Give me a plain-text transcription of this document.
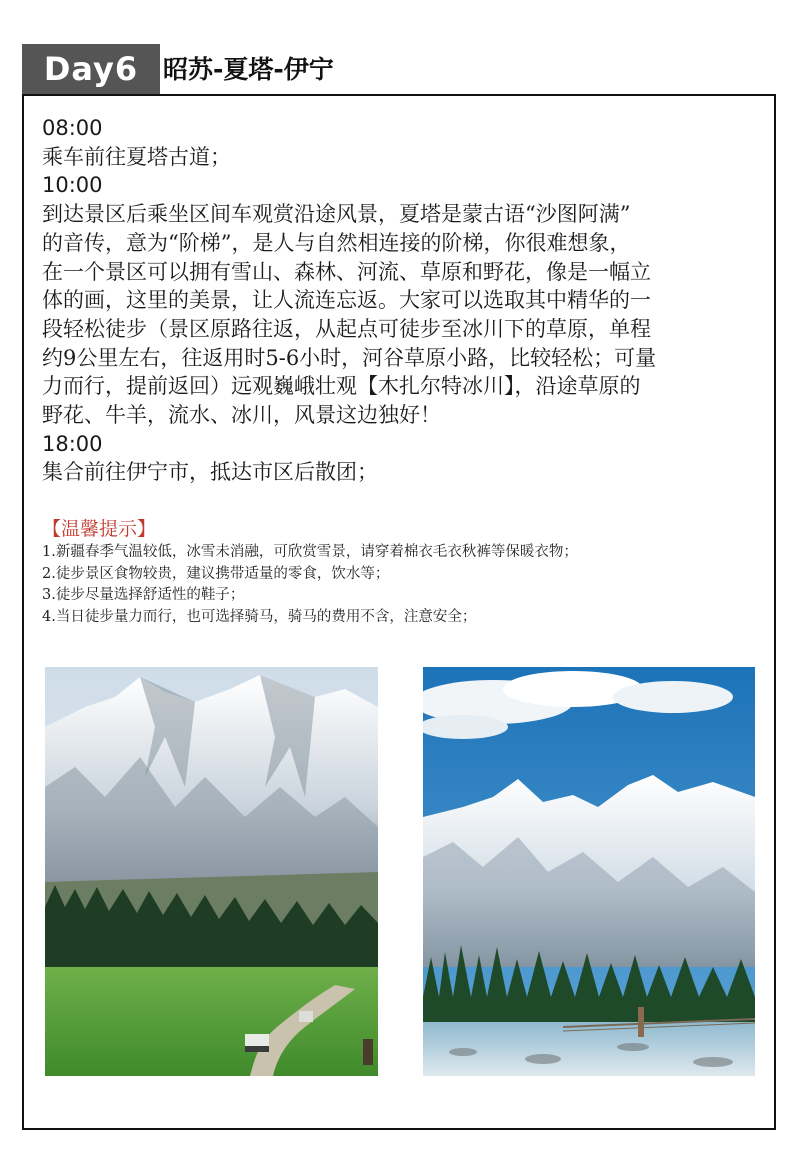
Day6 昭苏-夏塔-伊宁
08:00
乘车前往夏塔古道；
10:00
到达景区后乘坐区间车观赏沿途风景，夏塔是蒙古语“沙图阿满”
的音传，意为“阶梯”，是人与自然相连接的阶梯，你很难想象，
在一个景区可以拥有雪山、森林、河流、草原和野花，像是一幅立
体的画，这里的美景，让人流连忘返。大家可以选取其中精华的一
段轻松徒步（景区原路往返，从起点可徒步至冰川下的草原，单程
约9公里左右，往返用时5-6小时，河谷草原小路，比较轻松；可量
力而行，提前返回）远观巍峨壮观【木扎尔特冰川】，沿途草原的
野花、牛羊，流水、冰川，风景这边独好！
18:00
集合前往伊宁市，抵达市区后散团；
【温馨提示】
1.新疆春季气温较低，冰雪未消融，可欣赏雪景，请穿着棉衣毛衣秋裤等保暖衣物；
2.徒步景区食物较贵，建议携带适量的零食，饮水等；
3.徒步尽量选择舒适性的鞋子；
4.当日徒步量力而行，也可选择骑马，骑马的费用不含，注意安全；
